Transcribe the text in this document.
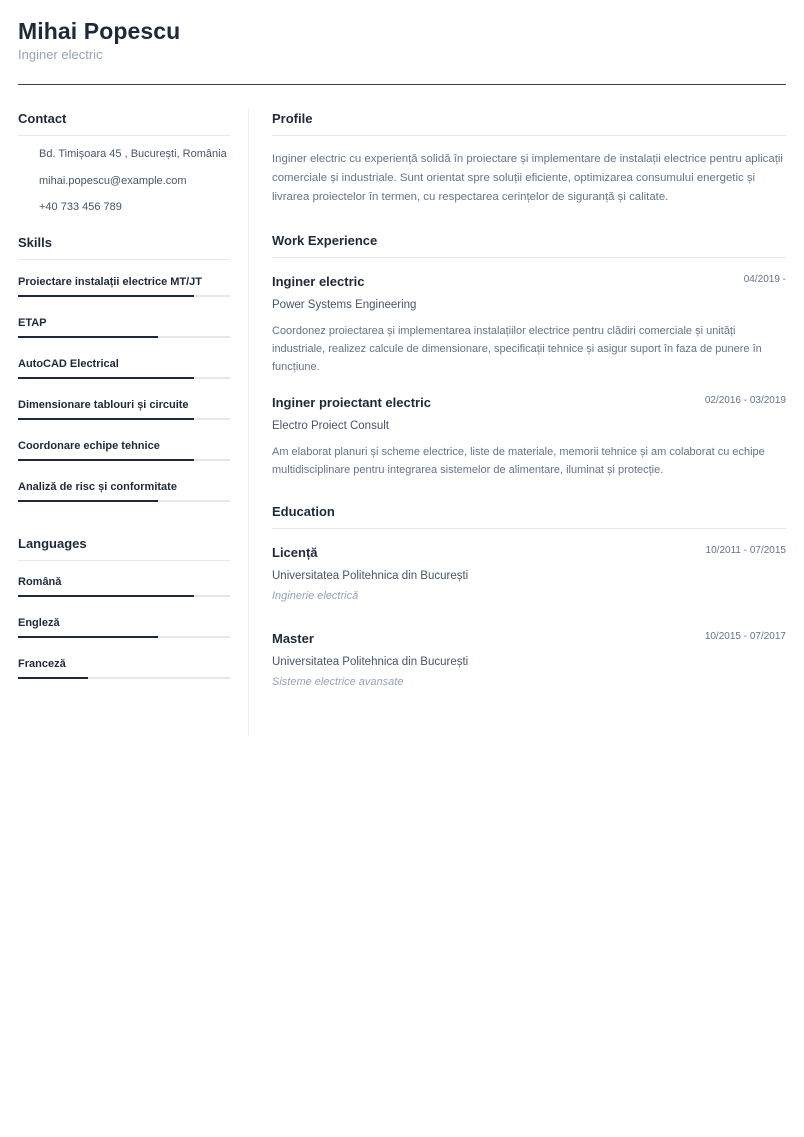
Mihai Popescu
Inginer electric
Contact
Bd. Timișoara 45 , București, România
mihai.popescu@example.com
+40 733 456 789
Skills
Proiectare instalații electrice MT/JT
ETAP
AutoCAD Electrical
Dimensionare tablouri și circuite
Coordonare echipe tehnice
Analiză de risc și conformitate
Languages
Română
Engleză
Franceză
Profile

Inginer electric cu experiență solidă în proiectare și implementare de instalații electrice pentru aplicații comerciale și industriale. Sunt orientat spre soluții eficiente, optimizarea consumului energetic și livrarea proiectelor în termen, cu respectarea cerințelor de siguranță și calitate.

Work Experience
Inginer electric	04/2019 -
Power Systems Engineering

Coordonez proiectarea și implementarea instalațiilor electrice pentru clădiri comerciale și unități industriale, realizez calcule de dimensionare, specificații tehnice și asigur suport în faza de punere în funcțiune.

Inginer proiectant electric	02/2016 - 03/2019
Electro Proiect Consult

Am elaborat planuri și scheme electrice, liste de materiale, memorii tehnice și am colaborat cu echipe multidisciplinare pentru integrarea sistemelor de alimentare, iluminat și protecție.

Education
Licență	10/2011 - 07/2015
Universitatea Politehnica din București
Inginerie electrică
Master	10/2015 - 07/2017
Universitatea Politehnica din București
Sisteme electrice avansate
